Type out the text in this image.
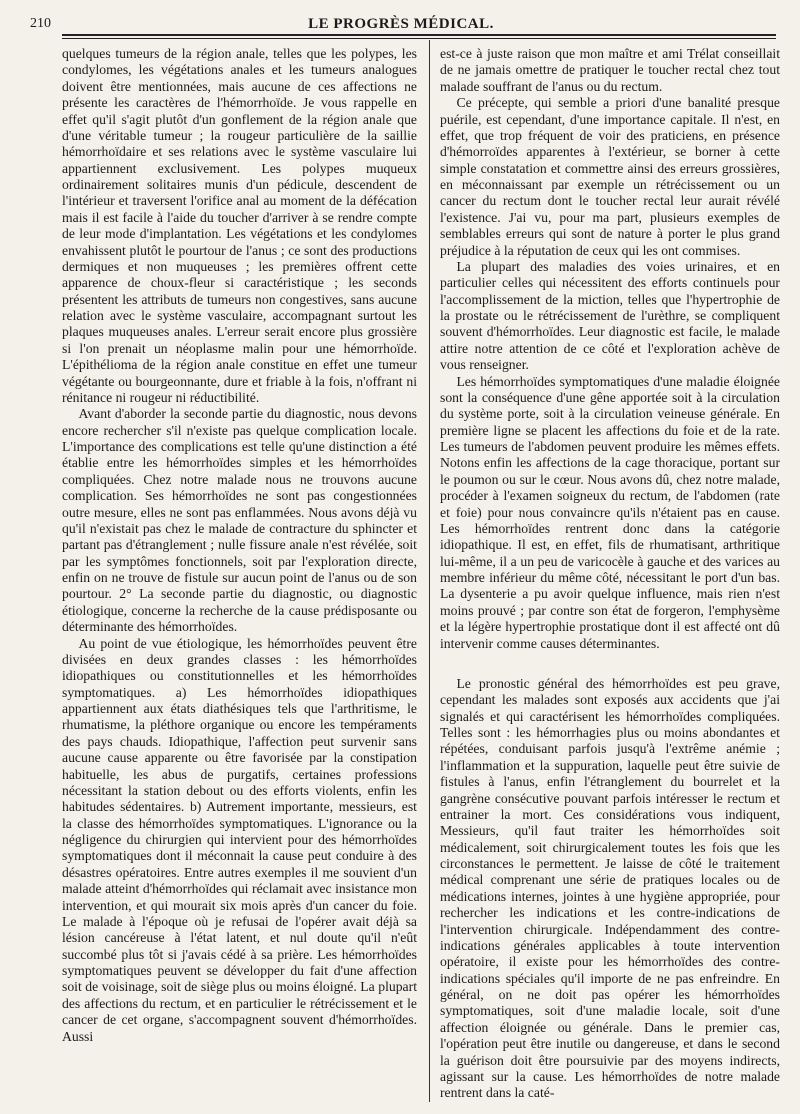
210	LE PROGRÈS MÉDICAL.

quelques tumeurs de la région anale, telles que les polypes, les condylomes, les végétations anales et les tumeurs analogues doivent être mentionnées, mais aucune de ces affections ne présente les caractères de l'hémorrhoïde. Je vous rappelle en effet qu'il s'agit plutôt d'un gonflement de la région anale que d'une véritable tumeur ; la rougeur particulière de la saillie hémorrhoïdaire et ses relations avec le système vasculaire lui appartiennent exclusivement. Les polypes muqueux ordinairement solitaires munis d'un pédicule, descendent de l'intérieur et traversent l'orifice anal au moment de la défécation mais il est facile à l'aide du toucher d'arriver à se rendre compte de leur mode d'implantation. Les végétations et les condylomes envahissent plutôt le pourtour de l'anus ; ce sont des productions dermiques et non muqueuses ; les premières offrent cette apparence de choux-fleur si caractéristique ; les seconds présentent les attributs de tumeurs non congestives, sans aucune relation avec le système vasculaire, accompagnant surtout les plaques muqueuses anales. L'erreur serait encore plus grossière si l'on prenait un néoplasme malin pour une hémorrhoïde. L'épithélioma de la région anale constitue en effet une tumeur végétante ou bourgeonnante, dure et friable à la fois, n'offrant ni rénitance ni rougeur ni réductibilité.

Avant d'aborder la seconde partie du diagnostic, nous devons encore rechercher s'il n'existe pas quelque complication locale. L'importance des complications est telle qu'une distinction a été établie entre les hémorrhoïdes simples et les hémorrhoïdes compliquées. Chez notre malade nous ne trouvons aucune complication. Ses hémorrhoïdes ne sont pas congestionnées outre mesure, elles ne sont pas enflammées. Nous avons déjà vu qu'il n'existait pas chez le malade de contracture du sphincter et partant pas d'étranglement ; nulle fissure anale n'est révélée, soit par les symptômes fonctionnels, soit par l'exploration directe, enfin on ne trouve de fistule sur aucun point de l'anus ou de son pourtour. 2° La seconde partie du diagnostic, ou diagnostic étiologique, concerne la recherche de la cause prédisposante ou déterminante des hémorrhoïdes.

Au point de vue étiologique, les hémorrhoïdes peuvent être divisées en deux grandes classes : les hémorrhoïdes idiopathiques ou constitutionnelles et les hémorrhoïdes symptomatiques. a) Les hémorrhoïdes idiopathiques appartiennent aux états diathésiques tels que l'arthritisme, le rhumatisme, la pléthore organique ou encore les tempéraments des pays chauds. Idiopathique, l'affection peut survenir sans aucune cause apparente ou être favorisée par la constipation habituelle, les abus de purgatifs, certaines professions nécessitant la station debout ou des efforts violents, enfin les habitudes sédentaires. b) Autrement importante, messieurs, est la classe des hémorrhoïdes symptomatiques. L'ignorance ou la négligence du chirurgien qui intervient pour des hémorrhoïdes symptomatiques dont il méconnait la cause peut conduire à des désastres opératoires. Entre autres exemples il me souvient d'un malade atteint d'hémorrhoïdes qui réclamait avec insistance mon intervention, et qui mourait six mois après d'un cancer du foie. Le malade à l'époque où je refusai de l'opérer avait déjà sa lésion cancéreuse à l'état latent, et nul doute qu'il n'eût succombé plus tôt si j'avais cédé à sa prière. Les hémorrhoïdes symptomatiques peuvent se développer du fait d'une affection soit de voisinage, soit de siège plus ou moins éloigné. La plupart des affections du rectum, et en particulier le rétrécissement et le cancer de cet organe, s'accompagnent souvent d'hémorrhoïdes. Aussi

est-ce à juste raison que mon maître et ami Trélat conseillait de ne jamais omettre de pratiquer le toucher rectal chez tout malade souffrant de l'anus ou du rectum.

Ce précepte, qui semble a priori d'une banalité presque puérile, est cependant, d'une importance capitale. Il n'est, en effet, que trop fréquent de voir des praticiens, en présence d'hémorroïdes apparentes à l'extérieur, se borner à cette simple constatation et commettre ainsi des erreurs grossières, en méconnaissant par exemple un rétrécissement ou un cancer du rectum dont le toucher rectal leur aurait révélé l'existence. J'ai vu, pour ma part, plusieurs exemples de semblables erreurs qui sont de nature à porter le plus grand préjudice à la réputation de ceux qui les ont commises.

La plupart des maladies des voies urinaires, et en particulier celles qui nécessitent des efforts continuels pour l'accomplissement de la miction, telles que l'hypertrophie de la prostate ou le rétrécissement de l'urèthre, se compliquent souvent d'hémorrhoïdes. Leur diagnostic est facile, le malade attire notre attention de ce côté et l'exploration achève de vous renseigner.

Les hémorrhoïdes symptomatiques d'une maladie éloignée sont la conséquence d'une gêne apportée soit à la circulation du système porte, soit à la circulation veineuse générale. En première ligne se placent les affections du foie et de la rate. Les tumeurs de l'abdomen peuvent produire les mêmes effets. Notons enfin les affections de la cage thoracique, portant sur le poumon ou sur le cœur. Nous avons dû, chez notre malade, procéder à l'examen soigneux du rectum, de l'abdomen (rate et foie) pour nous convaincre qu'ils n'étaient pas en cause. Les hémorrhoïdes rentrent donc dans la catégorie idiopathique. Il est, en effet, fils de rhumatisant, arthritique lui-même, il a un peu de varicocèle à gauche et des varices au membre inférieur du même côté, nécessitant le port d'un bas. La dysenterie a pu avoir quelque influence, mais rien n'est moins prouvé ; par contre son état de forgeron, l'emphysème et la légère hypertrophie prostatique dont il est affecté ont dû intervenir comme causes déterminantes.

Le pronostic général des hémorrhoïdes est peu grave, cependant les malades sont exposés aux accidents que j'ai signalés et qui caractérisent les hémorrhoïdes compliquées. Telles sont : les hémorrhagies plus ou moins abondantes et répétées, conduisant parfois jusqu'à l'extrême anémie ; l'inflammation et la suppuration, laquelle peut être suivie de fistules à l'anus, enfin l'étranglement du bourrelet et la gangrène consécutive pouvant parfois intéresser le rectum et entrainer la mort. Ces considérations vous indiquent, Messieurs, qu'il faut traiter les hémorrhoïdes soit médicalement, soit chirurgicalement toutes les fois que les circonstances le permettent. Je laisse de côté le traitement médical comprenant une série de pratiques locales ou de médications internes, jointes à une hygiène appropriée, pour rechercher les indications et les contre-indications de l'intervention chirurgicale. Indépendamment des contre-indications générales applicables à toute intervention opératoire, il existe pour les hémorrhoïdes des contre-indications spéciales qu'il importe de ne pas enfreindre. En général, on ne doit pas opérer les hémorrhoïdes symptomatiques, soit d'une maladie locale, soit d'une affection éloignée ou générale. Dans le premier cas, l'opération peut être inutile ou dangereuse, et dans le second la guérison doit être poursuivie par des moyens indirects, agissant sur la cause. Les hémorrhoïdes de notre malade rentrent dans la caté-
